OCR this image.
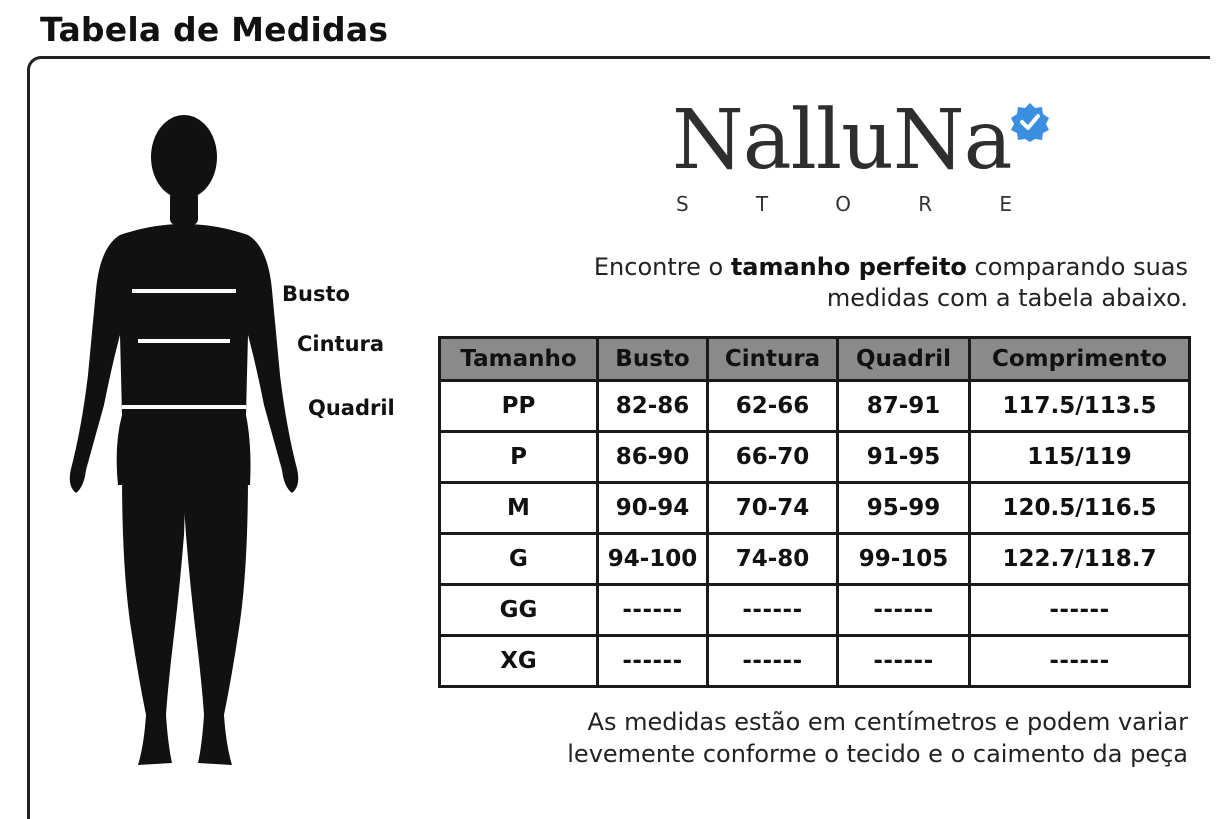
Tabela de Medidas
Busto
Cintura
Quadril
NalluNa
S	T	O	R	E
Encontre o tamanho perfeito comparando suas medidas com a tabela abaixo.
Tamanho	Busto	Cintura	Quadril	Comprimento
PP	82-86	62-66	87-91	117.5/113.5
P	86-90	66-70	91-95	115/119
M	90-94	70-74	95-99	120.5/116.5
G	94-100	74-80	99-105	122.7/118.7
GG	------	------	------	------
XG	------	------	------	------
As medidas estão em centímetros e podem variar
levemente conforme o tecido e o caimento da peça
